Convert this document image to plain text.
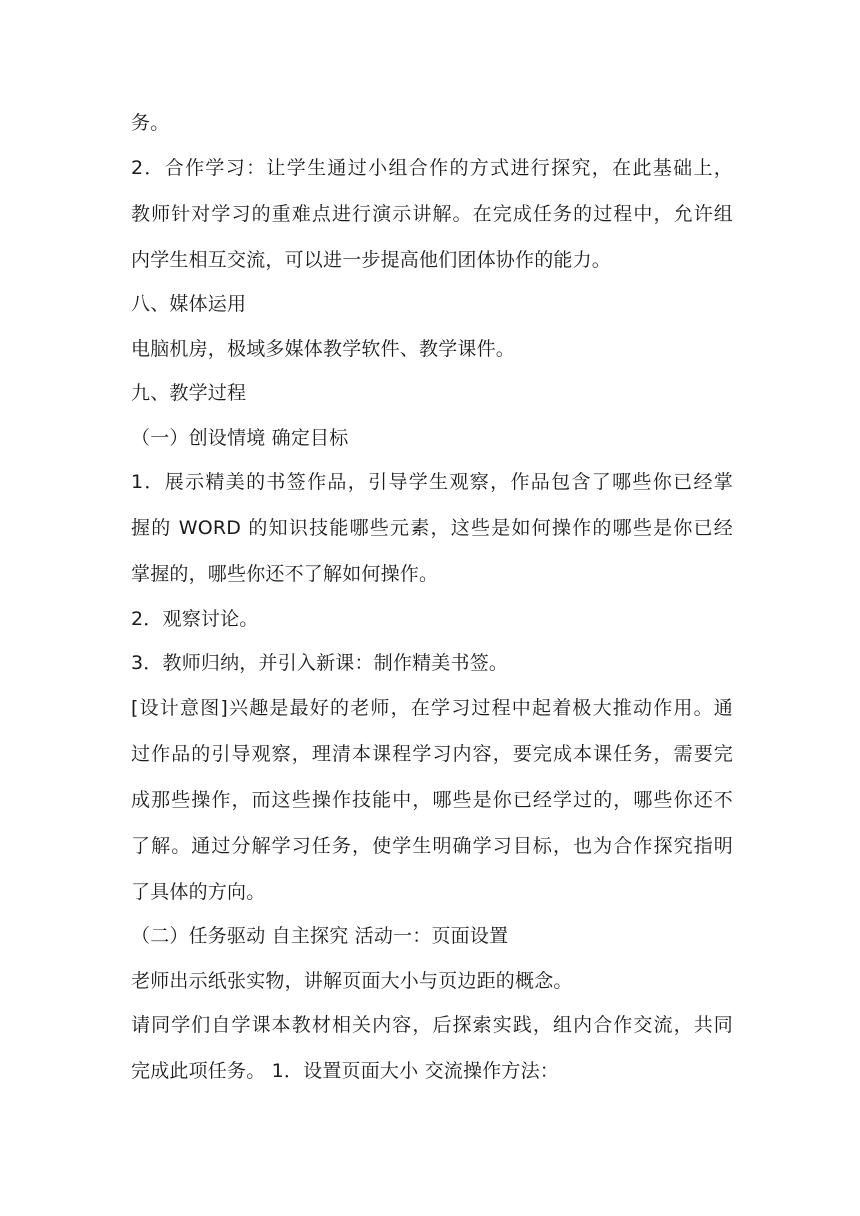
务。
2．合作学习：让学生通过小组合作的方式进行探究，在此基础上，
教师针对学习的重难点进行演示讲解。在完成任务的过程中，允许组
内学生相互交流，可以进一步提高他们团体协作的能力。
八、媒体运用
电脑机房，极域多媒体教学软件、教学课件。
九、教学过程
（一）创设情境 确定目标
1．展示精美的书签作品，引导学生观察，作品包含了哪些你已经掌
握的 WORD 的知识技能哪些元素，这些是如何操作的哪些是你已经
掌握的，哪些你还不了解如何操作。
2．观察讨论。
3．教师归纳，并引入新课：制作精美书签。
[设计意图]兴趣是最好的老师，在学习过程中起着极大推动作用。通
过作品的引导观察，理清本课程学习内容，要完成本课任务，需要完
成那些操作，而这些操作技能中，哪些是你已经学过的，哪些你还不
了解。通过分解学习任务，使学生明确学习目标，也为合作探究指明
了具体的方向。
（二）任务驱动 自主探究 活动一：页面设置
老师出示纸张实物，讲解页面大小与页边距的概念。
请同学们自学课本教材相关内容，后探索实践，组内合作交流，共同
完成此项任务。 1．设置页面大小 交流操作方法：
